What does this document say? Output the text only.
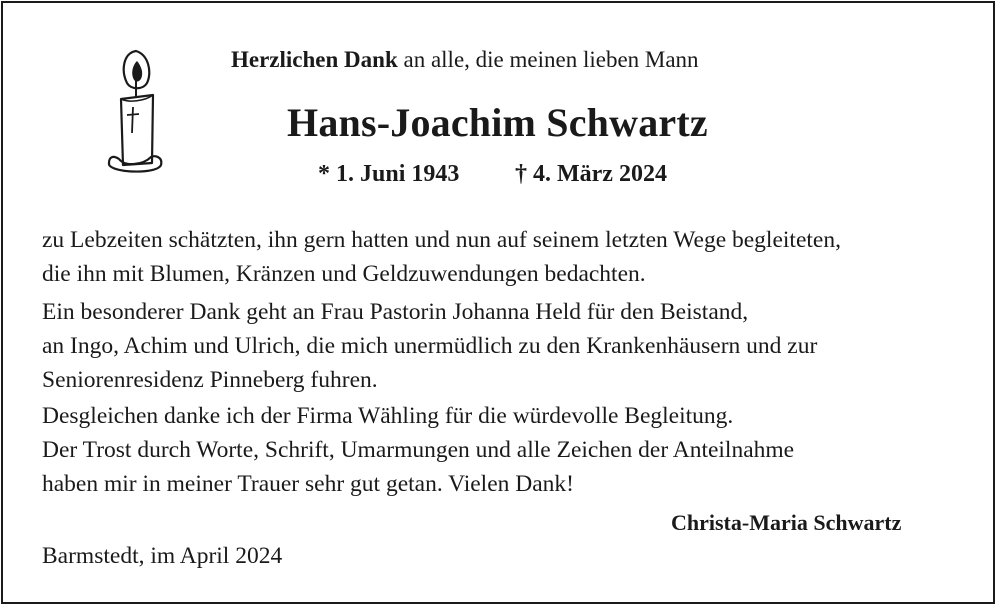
Herzlichen Dank an alle, die meinen lieben Mann
Hans-Joachim Schwartz
* 1. Juni 1943 † 4. März 2024
zu Lebzeiten schätzten, ihn gern hatten und nun auf seinem letzten Wege begleiteten,
die ihn mit Blumen, Kränzen und Geldzuwendungen bedachten.
Ein besonderer Dank geht an Frau Pastorin Johanna Held für den Beistand,
an Ingo, Achim und Ulrich, die mich unermüdlich zu den Krankenhäusern und zur
Seniorenresidenz Pinneberg fuhren.
Desgleichen danke ich der Firma Wähling für die würdevolle Begleitung.
Der Trost durch Worte, Schrift, Umarmungen und alle Zeichen der Anteilnahme
haben mir in meiner Trauer sehr gut getan. Vielen Dank!
Christa-Maria Schwartz
Barmstedt, im April 2024
